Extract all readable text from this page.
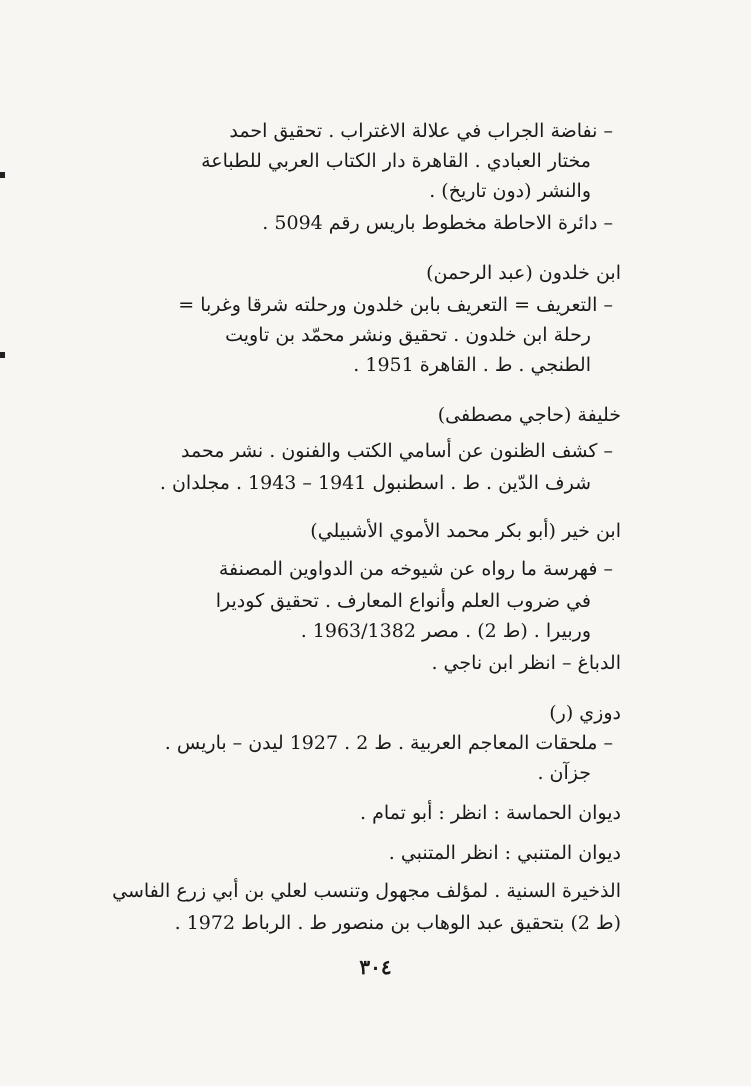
– نفاضة الجراب في علالة الاغتراب . تحقيق احمد
مختار العبادي . القاهرة دار الكتاب العربي للطباعة
والنشر (دون تاريخ) .
– دائرة الاحاطة مخطوط باريس رقم 5094 .
ابن خلدون (عبد الرحمن)
– التعريف = التعريف بابن خلدون ورحلته شرقا وغربا =
رحلة ابن خلدون . تحقيق ونشر محمّد بن تاويت
الطنجي . ط . القاهرة 1951 .
خليفة (حاجي مصطفى)
– كشف الظنون عن أسامي الكتب والفنون . نشر محمد
شرف الدّين . ط . اسطنبول 1941 – 1943 . مجلدان .
ابن خير (أبو بكر محمد الأموي الأشبيلي)
– فهرسة ما رواه عن شيوخه من الدواوين المصنفة
في ضروب العلم وأنواع المعارف . تحقيق كوديرا
وربيرا . (ط 2) . مصر 1963/1382 .
الدباغ – انظر ابن ناجي .
دوزي (ر)
– ملحقات المعاجم العربية . ط 2 . 1927 ليدن – باريس .
جزآن .
ديوان الحماسة : انظر : أبو تمام .
ديوان المتنبي : انظر المتنبي .
الذخيرة السنية . لمؤلف مجهول وتنسب لعلي بن أبي زرع الفاسي
(ط 2) بتحقيق عبد الوهاب بن منصور ط . الرباط 1972 .
٣٠٤
